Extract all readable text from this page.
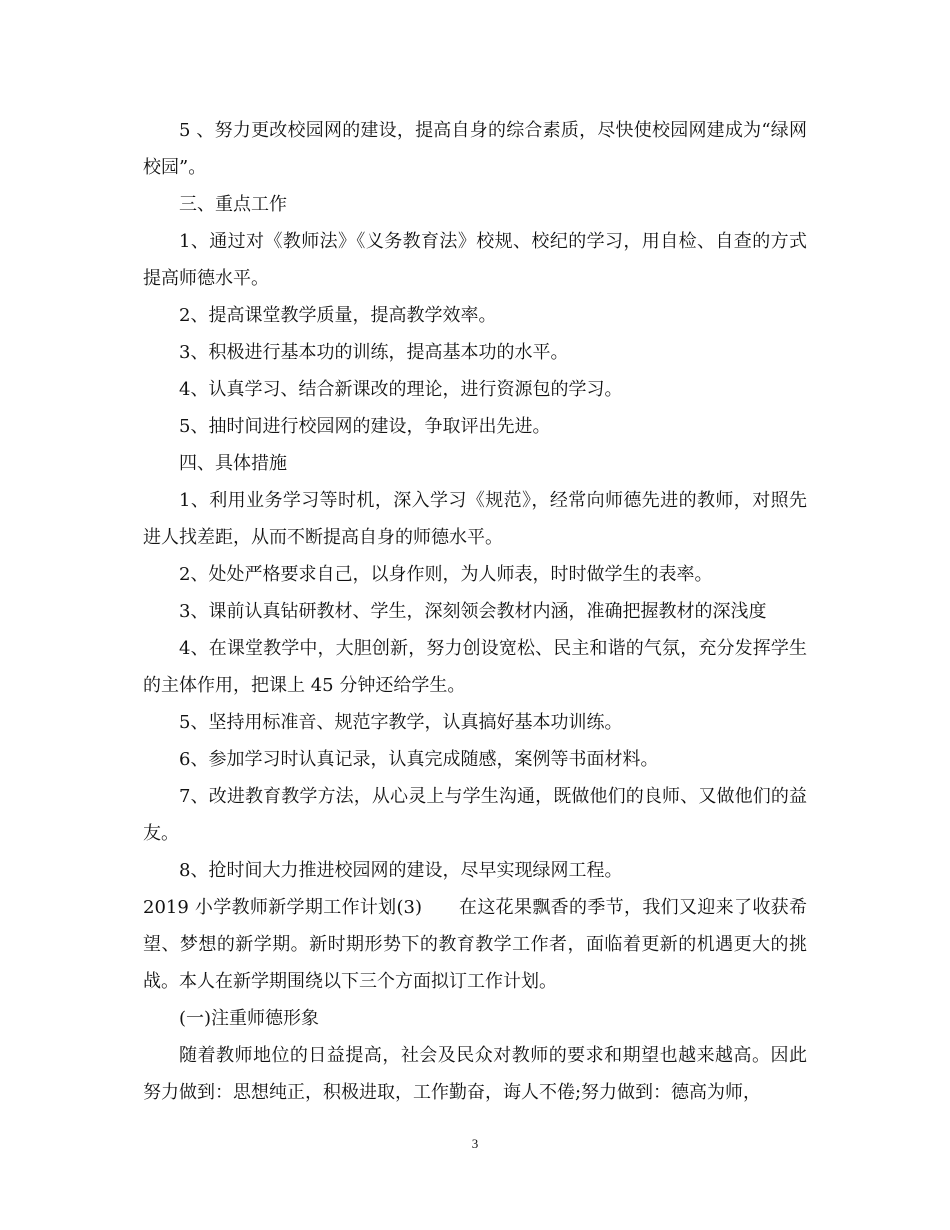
5 、努力更改校园网的建设，提高自身的综合素质，尽快使校园网建成为“绿网校园”。

三、重点工作

1、通过对《教师法》《义务教育法》校规、校纪的学习，用自检、自查的方式提高师德水平。

2、提高课堂教学质量，提高教学效率。

3、积极进行基本功的训练，提高基本功的水平。

4、认真学习、结合新课改的理论，进行资源包的学习。

5、抽时间进行校园网的建设，争取评出先进。

四、具体措施

1、利用业务学习等时机，深入学习《规范》，经常向师德先进的教师，对照先进人找差距，从而不断提高自身的师德水平。

2、处处严格要求自己，以身作则，为人师表，时时做学生的表率。

3、课前认真钻研教材、学生，深刻领会教材内涵，准确把握教材的深浅度

4、在课堂教学中，大胆创新，努力创设宽松、民主和谐的气氛，充分发挥学生的主体作用，把课上 45 分钟还给学生。

5、坚持用标准音、规范字教学，认真搞好基本功训练。

6、参加学习时认真记录，认真完成随感，案例等书面材料。

7、改进教育教学方法，从心灵上与学生沟通，既做他们的良师、又做他们的益友。

8、抢时间大力推进校园网的建设，尽早实现绿网工程。

2019 小学教师新学期工作计划(3)　　在这花果飘香的季节，我们又迎来了收获希望、梦想的新学期。新时期形势下的教育教学工作者，面临着更新的机遇更大的挑战。本人在新学期围绕以下三个方面拟订工作计划。

(一)注重师德形象

随着教师地位的日益提高，社会及民众对教师的要求和期望也越来越高。因此努力做到：思想纯正，积极进取，工作勤奋，诲人不倦;努力做到：德高为师，

3
